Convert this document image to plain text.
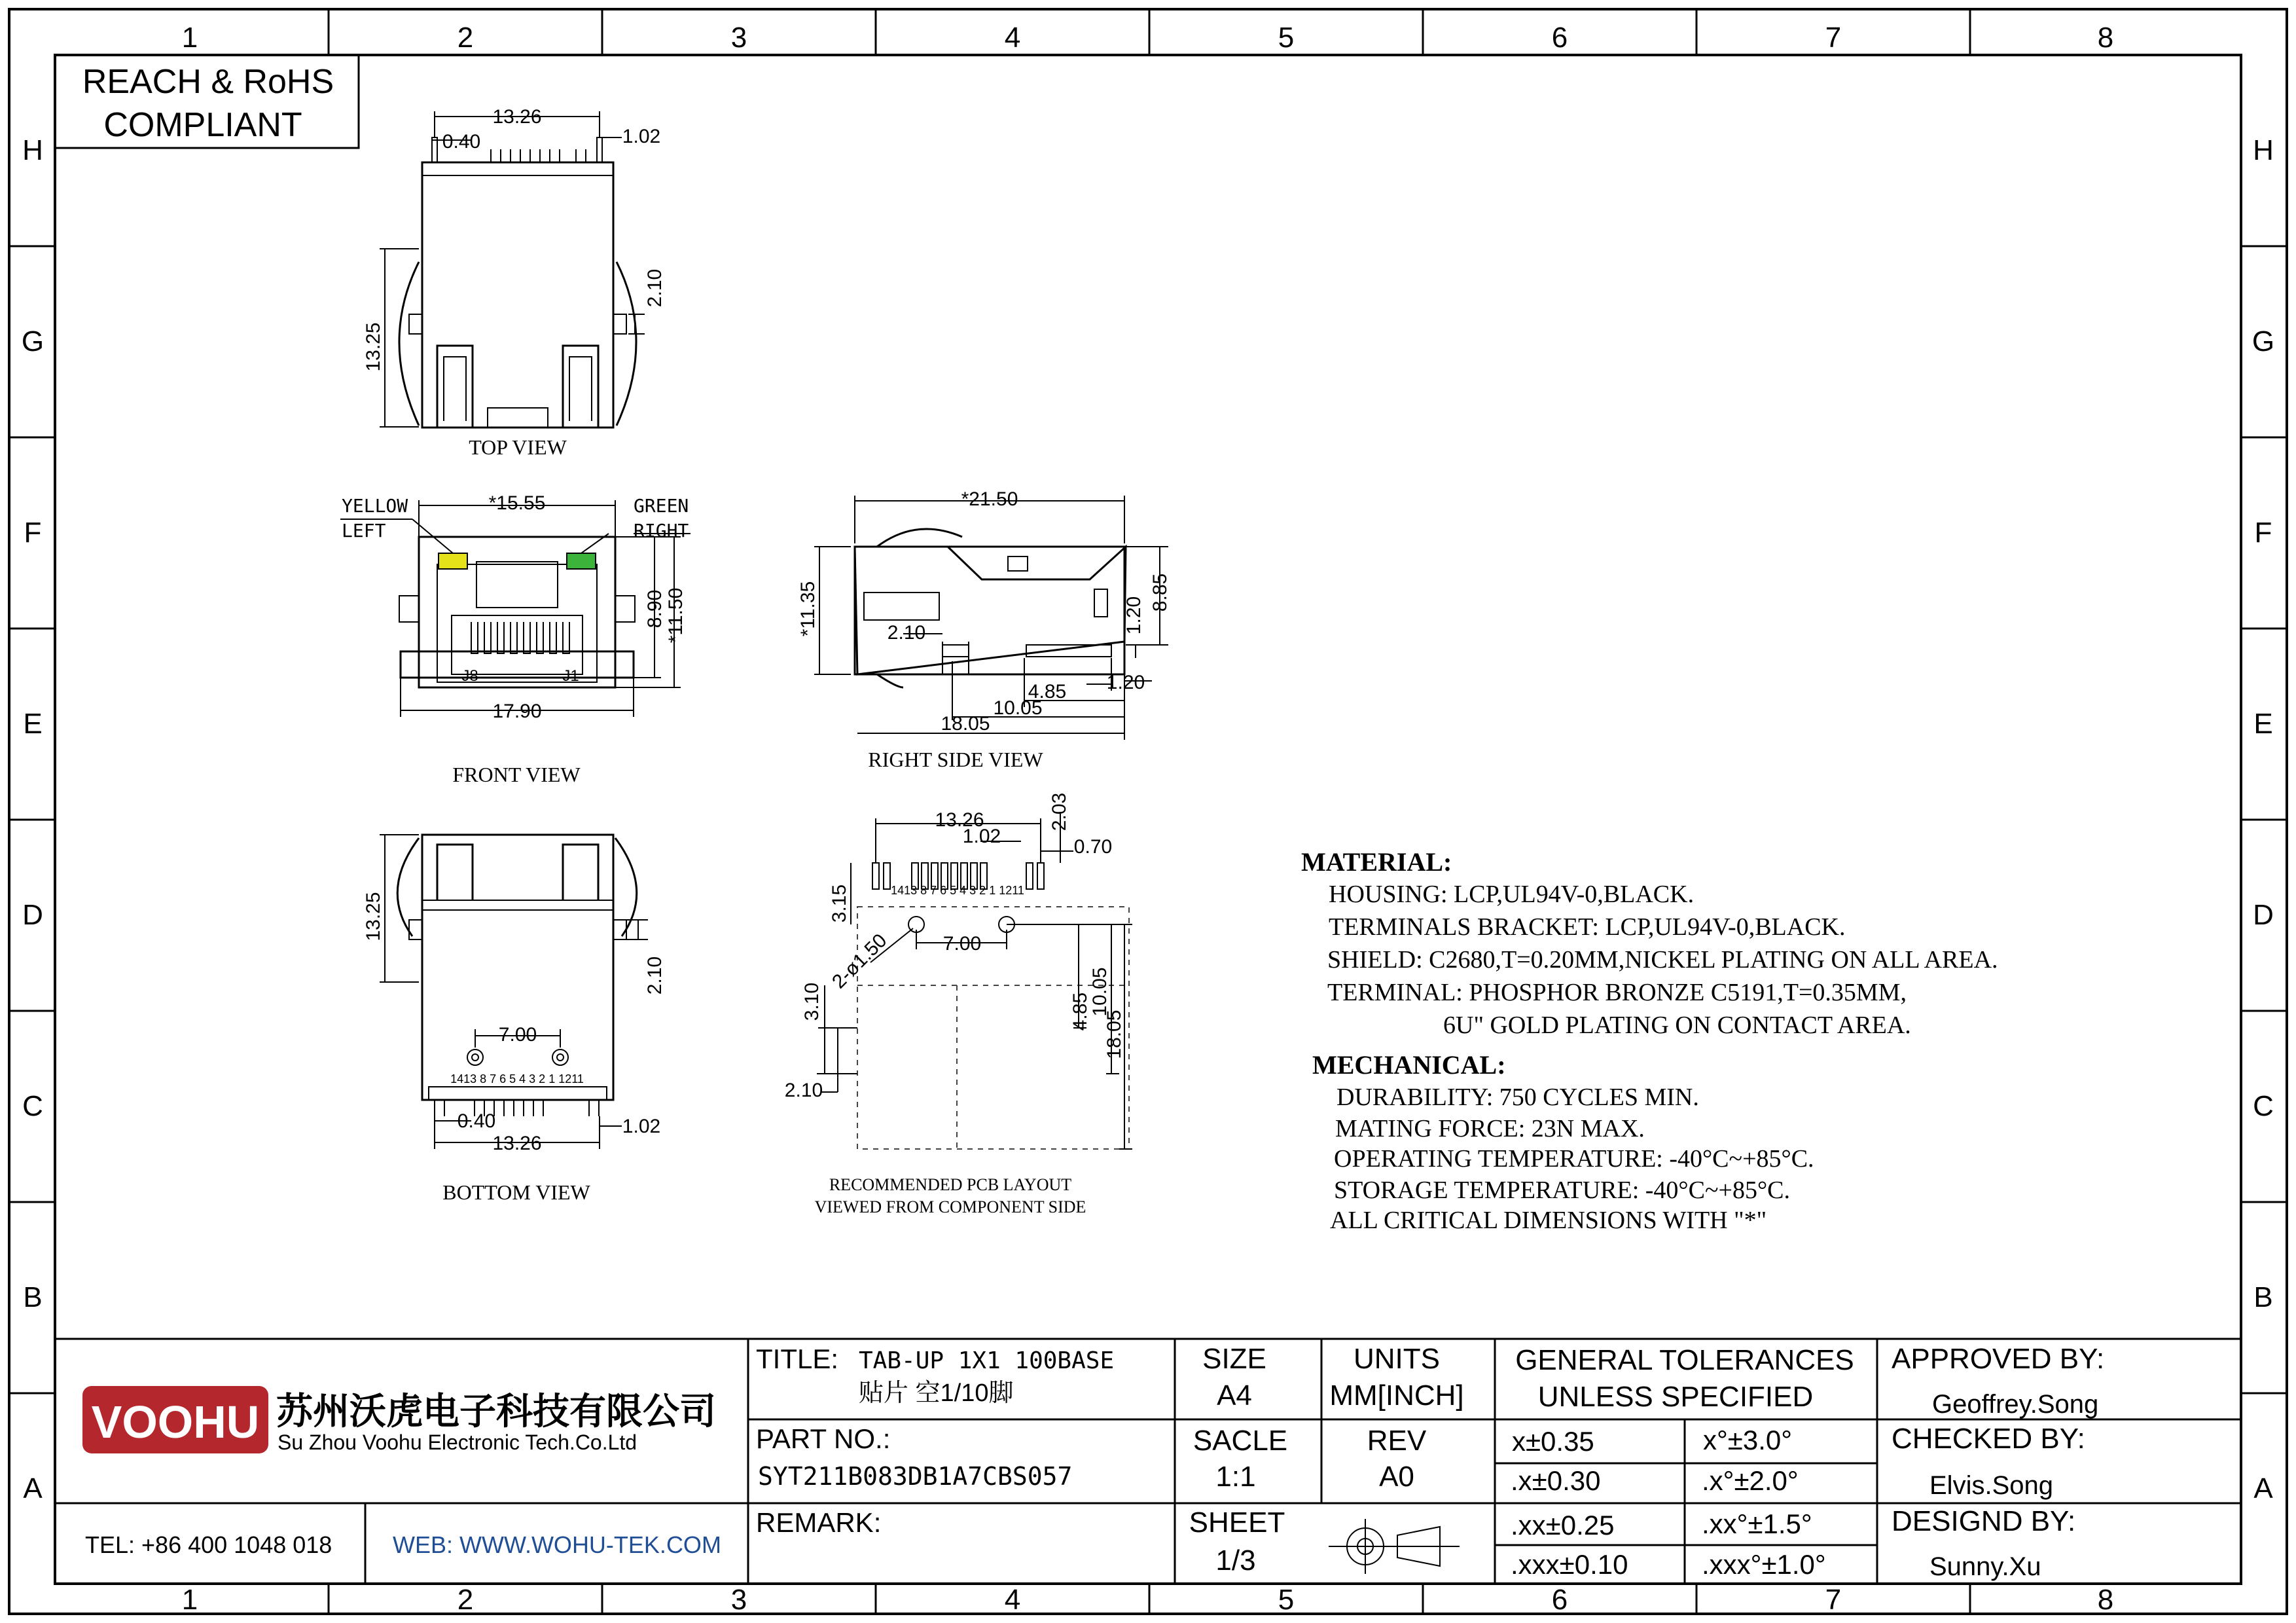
1	2	3	4	5	6	7	8
1	2	3	4	5	6	7	8
H
G
F
E
D
C
B
A
H
G
F
E
D
C
B
A
REACH & RoHS
COMPLIANT	13.26
0.40	1.02
13.25
2.10
TOP VIEW
YELLOW
LEFT
GREEN
RIGHT
J8	J1
*15.55
17.90
8.90 *11.50
FRONT VIEW
*21.50
*11.35	8.85
2.10	1.20
4.85 1.20
10.05
18.05
RIGHT SIDE VIEW
1413 8 7 6 5 4 3 2 1 1211
13.25
2.10
7.00
0.40
13.26
1.02
BOTTOM VIEW
1413 8 7 6 5 4 3 2 1 1211
13.26	2.03
1.02	0.70
3.15
2-ø1.50	7.00
3.10	4.85
10.05
18.05
2.10
RECOMMENDED PCB LAYOUT
VIEWED FROM COMPONENT SIDE
MATERIAL:
HOUSING: LCP,UL94V-0,BLACK.
TERMINALS BRACKET: LCP,UL94V-0,BLACK.
SHIELD: C2680,T=0.20MM,NICKEL PLATING ON ALL AREA.
TERMINAL: PHOSPHOR BRONZE C5191,T=0.35MM,
6U" GOLD PLATING ON CONTACT AREA.
MECHANICAL:
DURABILITY: 750 CYCLES MIN.
MATING FORCE: 23N MAX.
OPERATING TEMPERATURE: -40°C~+85°C.
STORAGE TEMPERATURE: -40°C~+85°C.
ALL CRITICAL DIMENSIONS WITH "*"
VOOHU 苏州沃虎电子科技有限公司
Su Zhou Voohu Electronic Tech.Co.Ltd
TEL: +86 400 1048 018	WEB: WWW.WOHU-TEK.COM
TITLE: TAB-UP 1X1 100BASE
贴片 空1/10脚
PART NO.:
SYT211B083DB1A7CBS057
REMARK:
SIZE
A4
UNITS
MM[INCH]
SACLE
1:1
REV
A0
SHEET
1/3
GENERAL TOLERANCES
UNLESS SPECIFIED
x±0.35	x°±3.0°
.x±0.30	.x°±2.0°
.xx±0.25	.xx°±1.5°
.xxx±0.10	.xxx°±1.0°
APPROVED BY:
Geoffrey.Song
CHECKED BY:
Elvis.Song
DESIGND BY:
Sunny.Xu
